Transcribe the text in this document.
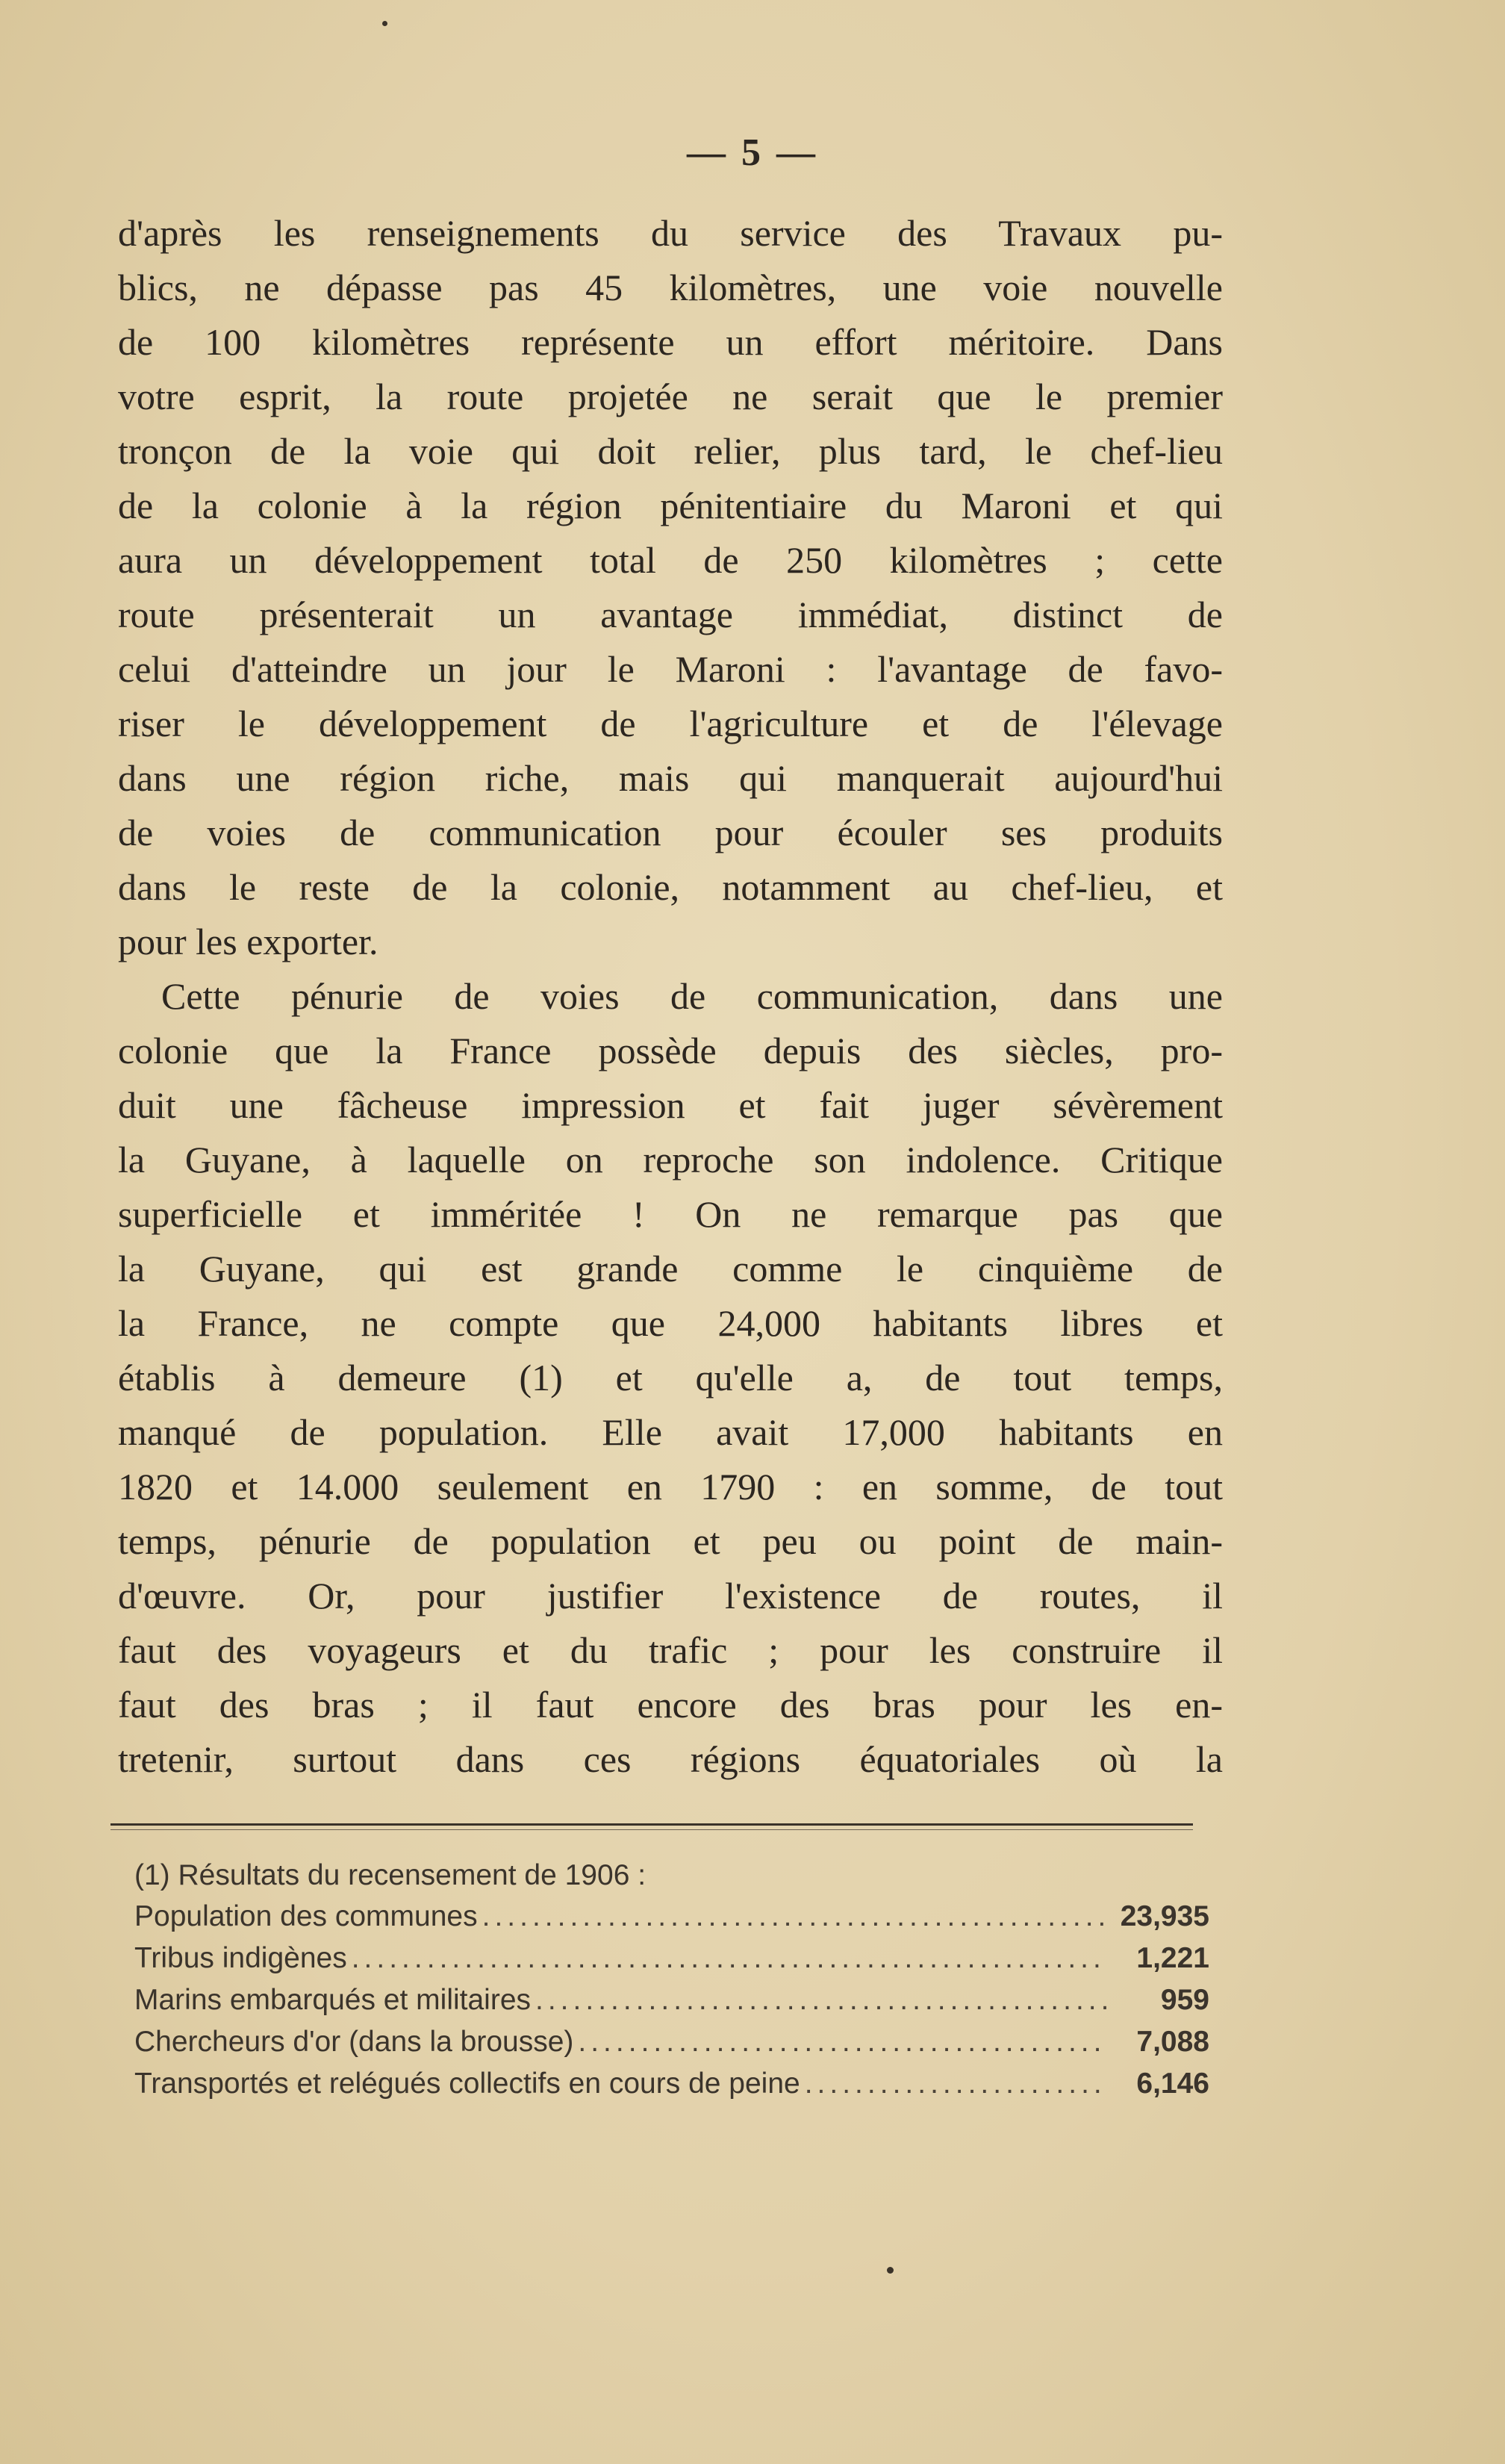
— 5 —
d'après les renseignements du service des Travaux pu-
blics, ne dépasse pas 45 kilomètres, une voie nouvelle
de 100 kilomètres représente un effort méritoire. Dans
votre esprit, la route projetée ne serait que le premier
tronçon de la voie qui doit relier, plus tard, le chef-lieu
de la colonie à la région pénitentiaire du Maroni et qui
aura un développement total de 250 kilomètres ; cette
route présenterait un avantage immédiat, distinct de
celui d'atteindre un jour le Maroni : l'avantage de favo-
riser le développement de l'agriculture et de l'élevage
dans une région riche, mais qui manquerait aujourd'hui
de voies de communication pour écouler ses produits
dans le reste de la colonie, notamment au chef-lieu, et
pour les exporter.
Cette pénurie de voies de communication, dans une
colonie que la France possède depuis des siècles, pro-
duit une fâcheuse impression et fait juger sévèrement
la Guyane, à laquelle on reproche son indolence. Critique
superficielle et imméritée ! On ne remarque pas que
la Guyane, qui est grande comme le cinquième de
la France, ne compte que 24,000 habitants libres et
établis à demeure (1) et qu'elle a, de tout temps,
manqué de population. Elle avait 17,000 habitants en
1820 et 14.000 seulement en 1790 : en somme, de tout
temps, pénurie de population et peu ou point de main-
d'œuvre. Or, pour justifier l'existence de routes, il
faut des voyageurs et du trafic ; pour les construire il
faut des bras ; il faut encore des bras pour les en-
tretenir, surtout dans ces régions équatoriales où la
(1) Résultats du recensement de 1906 :
Population des communes .....	23,935
Tribus indigènes .....	1,221
Marins embarqués et militaires .....	959
Chercheurs d'or (dans la brousse) .....	7,088
Transportés et relégués collectifs en cours de peine .....	6,146
